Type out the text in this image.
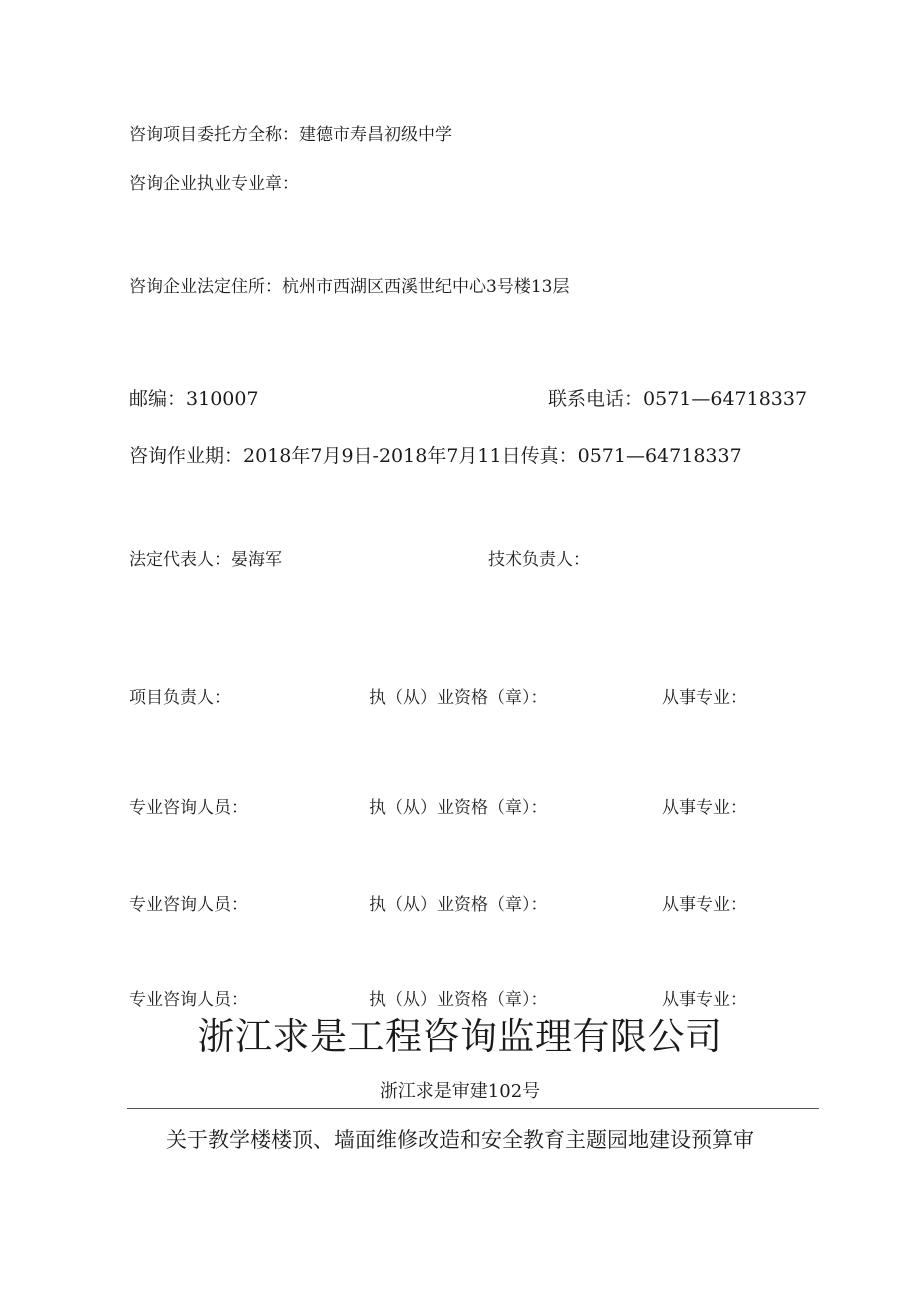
咨询项目委托方全称：建德市寿昌初级中学
咨询企业执业专业章：
咨询企业法定住所：杭州市西湖区西溪世纪中心3号楼13层
邮编：310007	联系电话：0571—64718337
咨询作业期：2018年7月9日-2018年7月11日传真：0571—64718337
法定代表人：晏海军	技术负责人：
项目负责人：	执（从）业资格（章）：	从事专业：
专业咨询人员：	执（从）业资格（章）：	从事专业：
专业咨询人员：	执（从）业资格（章）：	从事专业：
专业咨询人员：	执（从）业资格（章）：	从事专业：
浙江求是工程咨询监理有限公司
浙江求是审建102号
关于教学楼楼顶、墙面维修改造和安全教育主题园地建设预算审
